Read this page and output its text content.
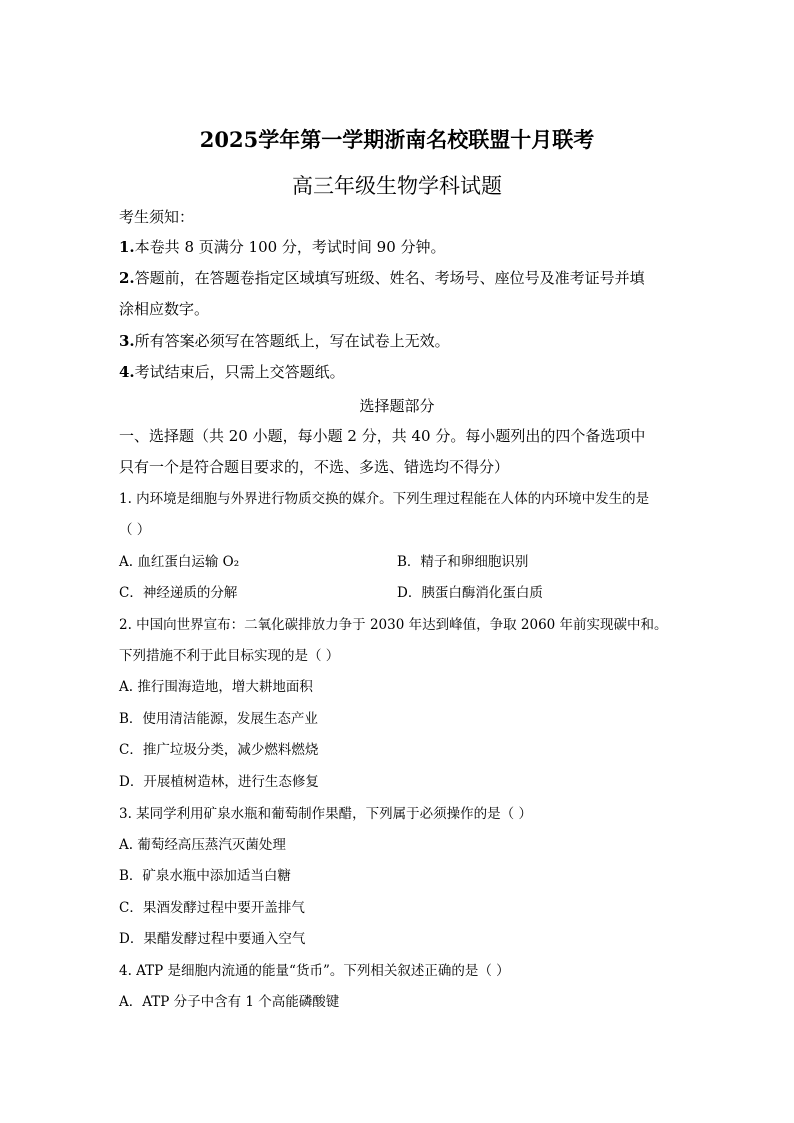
2025学年第一学期浙南名校联盟十月联考
高三年级生物学科试题
考生须知：
1.本卷共 8 页满分 100 分，考试时间 90 分钟。
2.答题前，在答题卷指定区域填写班级、姓名、考场号、座位号及准考证号并填
涂相应数字。
3.所有答案必须写在答题纸上，写在试卷上无效。
4.考试结束后，只需上交答题纸。
选择题部分
一、选择题（共 20 小题，每小题 2 分，共 40 分。每小题列出的四个备选项中
只有一个是符合题目要求的，不选、多选、错选均不得分）
1. 内环境是细胞与外界进行物质交换的媒介。下列生理过程能在人体的内环境中发生的是
（ ）
A. 血红蛋白运输 O₂	B．精子和卵细胞识别
C．神经递质的分解	D．胰蛋白酶消化蛋白质
2. 中国向世界宣布：二氧化碳排放力争于 2030 年达到峰值，争取 2060 年前实现碳中和。
下列措施不利于此目标实现的是（ ）
A. 推行围海造地，增大耕地面积
B．使用清洁能源，发展生态产业
C．推广垃圾分类，减少燃料燃烧
D．开展植树造林，进行生态修复
3. 某同学利用矿泉水瓶和葡萄制作果醋，下列属于必须操作的是（ ）
A. 葡萄经高压蒸汽灭菌处理
B．矿泉水瓶中添加适当白糖
C．果酒发酵过程中要开盖排气
D．果醋发酵过程中要通入空气
4. ATP 是细胞内流通的能量“货币”。下列相关叙述正确的是（ ）
A．ATP 分子中含有 1 个高能磷酸键
